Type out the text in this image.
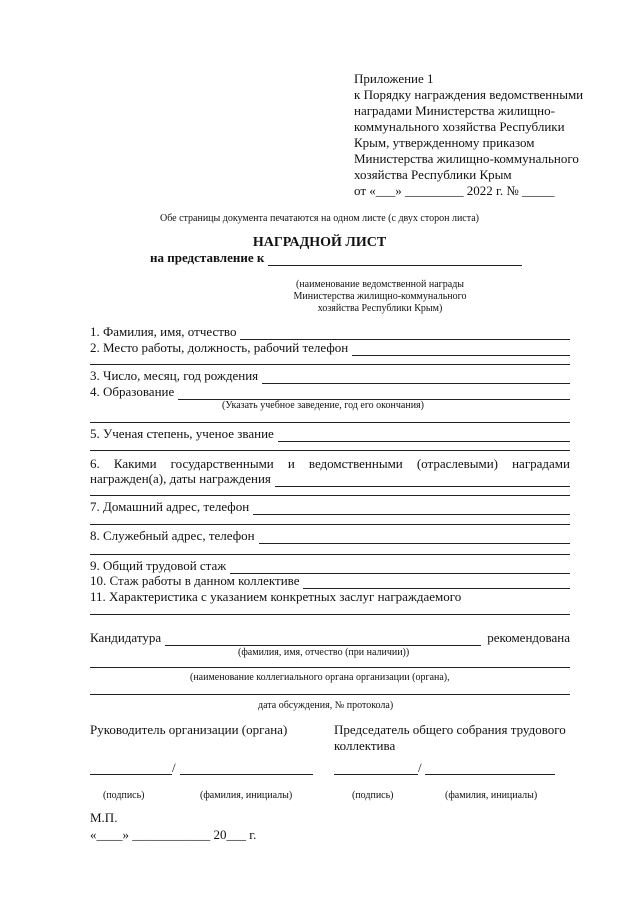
Приложение 1
к Порядку награждения ведомственными
наградами Министерства жилищно-
коммунального хозяйства Республики
Крым, утвержденному приказом
Министерства жилищно-коммунального
хозяйства Республики Крым
от «___» _________ 2022 г. № _____
Обе страницы документа печатаются на одном листе (с двух сторон листа)
НАГРАДНОЙ ЛИСТ
на представление к
(наименование ведомственной награды
Министерства жилищно-коммунального
хозяйства Республики Крым)
1. Фамилия, имя, отчество
2. Место работы, должность, рабочий телефон
3. Число, месяц, год рождения
4. Образование
(Указать учебное заведение, год его окончания)
5. Ученая степень, ученое звание
6. Какими государственными и ведомственными (отраслевыми) наградами
награжден(а), даты награждения
7. Домашний адрес, телефон
8. Служебный адрес, телефон
9. Общий трудовой стаж
10. Стаж работы в данном коллективе
11. Характеристика с указанием конкретных заслуг награждаемого
Кандидатура	рекомендована
(фамилия, имя, отчество (при наличии))
(наименование коллегиального органа организации (органа),
дата обсуждения, № протокола)
Руководитель организации (органа)	Председатель общего собрания трудового
коллектива
/	/
(подпись)	(фамилия, инициалы)	(подпись)	(фамилия, инициалы)
М.П.
«____» ____________ 20___ г.
